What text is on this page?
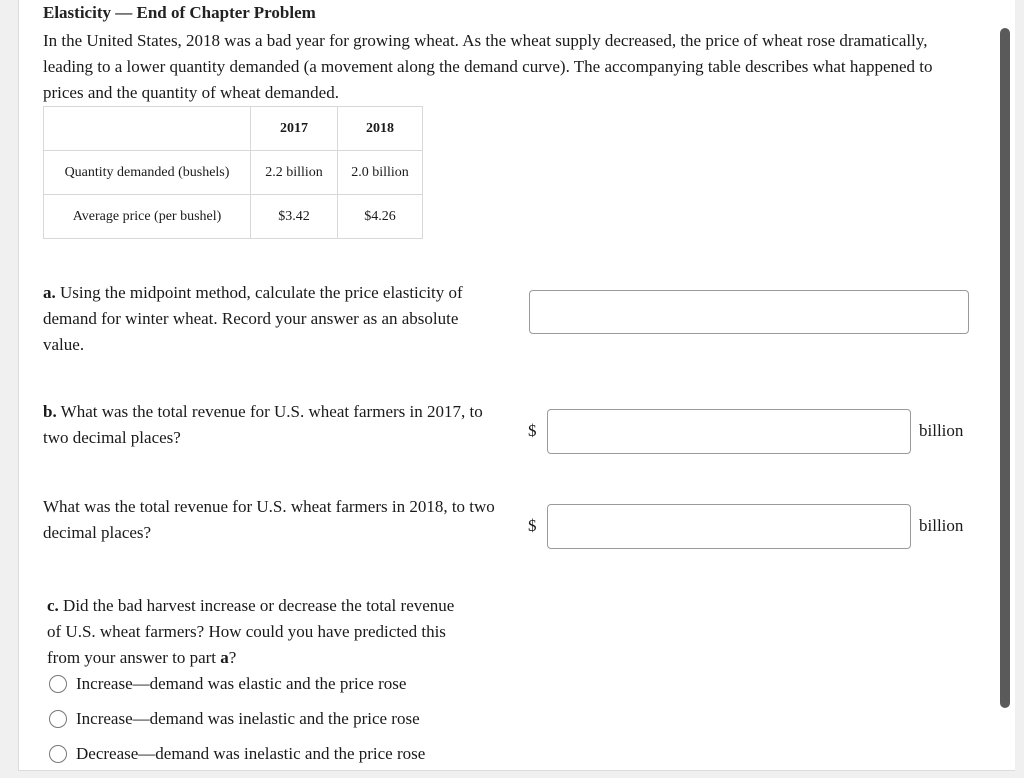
Elasticity — End of Chapter Problem
In the United States, 2018 was a bad year for growing wheat. As the wheat supply decreased, the price of wheat rose dramatically, leading to a lower quantity demanded (a movement along the demand curve). The accompanying table describes what happened to prices and the quantity of wheat demanded.
	2017	2018
Quantity demanded (bushels)	2.2 billion	2.0 billion
Average price (per bushel)	$3.42	$4.26
a. Using the midpoint method, calculate the price elasticity of demand for winter wheat. Record your answer as an absolute value.
b. What was the total revenue for U.S. wheat farmers in 2017, to two decimal places?	$	billion
What was the total revenue for U.S. wheat farmers in 2018, to two decimal places?	$	billion
c. Did the bad harvest increase or decrease the total revenue of U.S. wheat farmers? How could you have predicted this from your answer to part a?
Increase—demand was elastic and the price rose
Increase—demand was inelastic and the price rose
Decrease—demand was inelastic and the price rose
